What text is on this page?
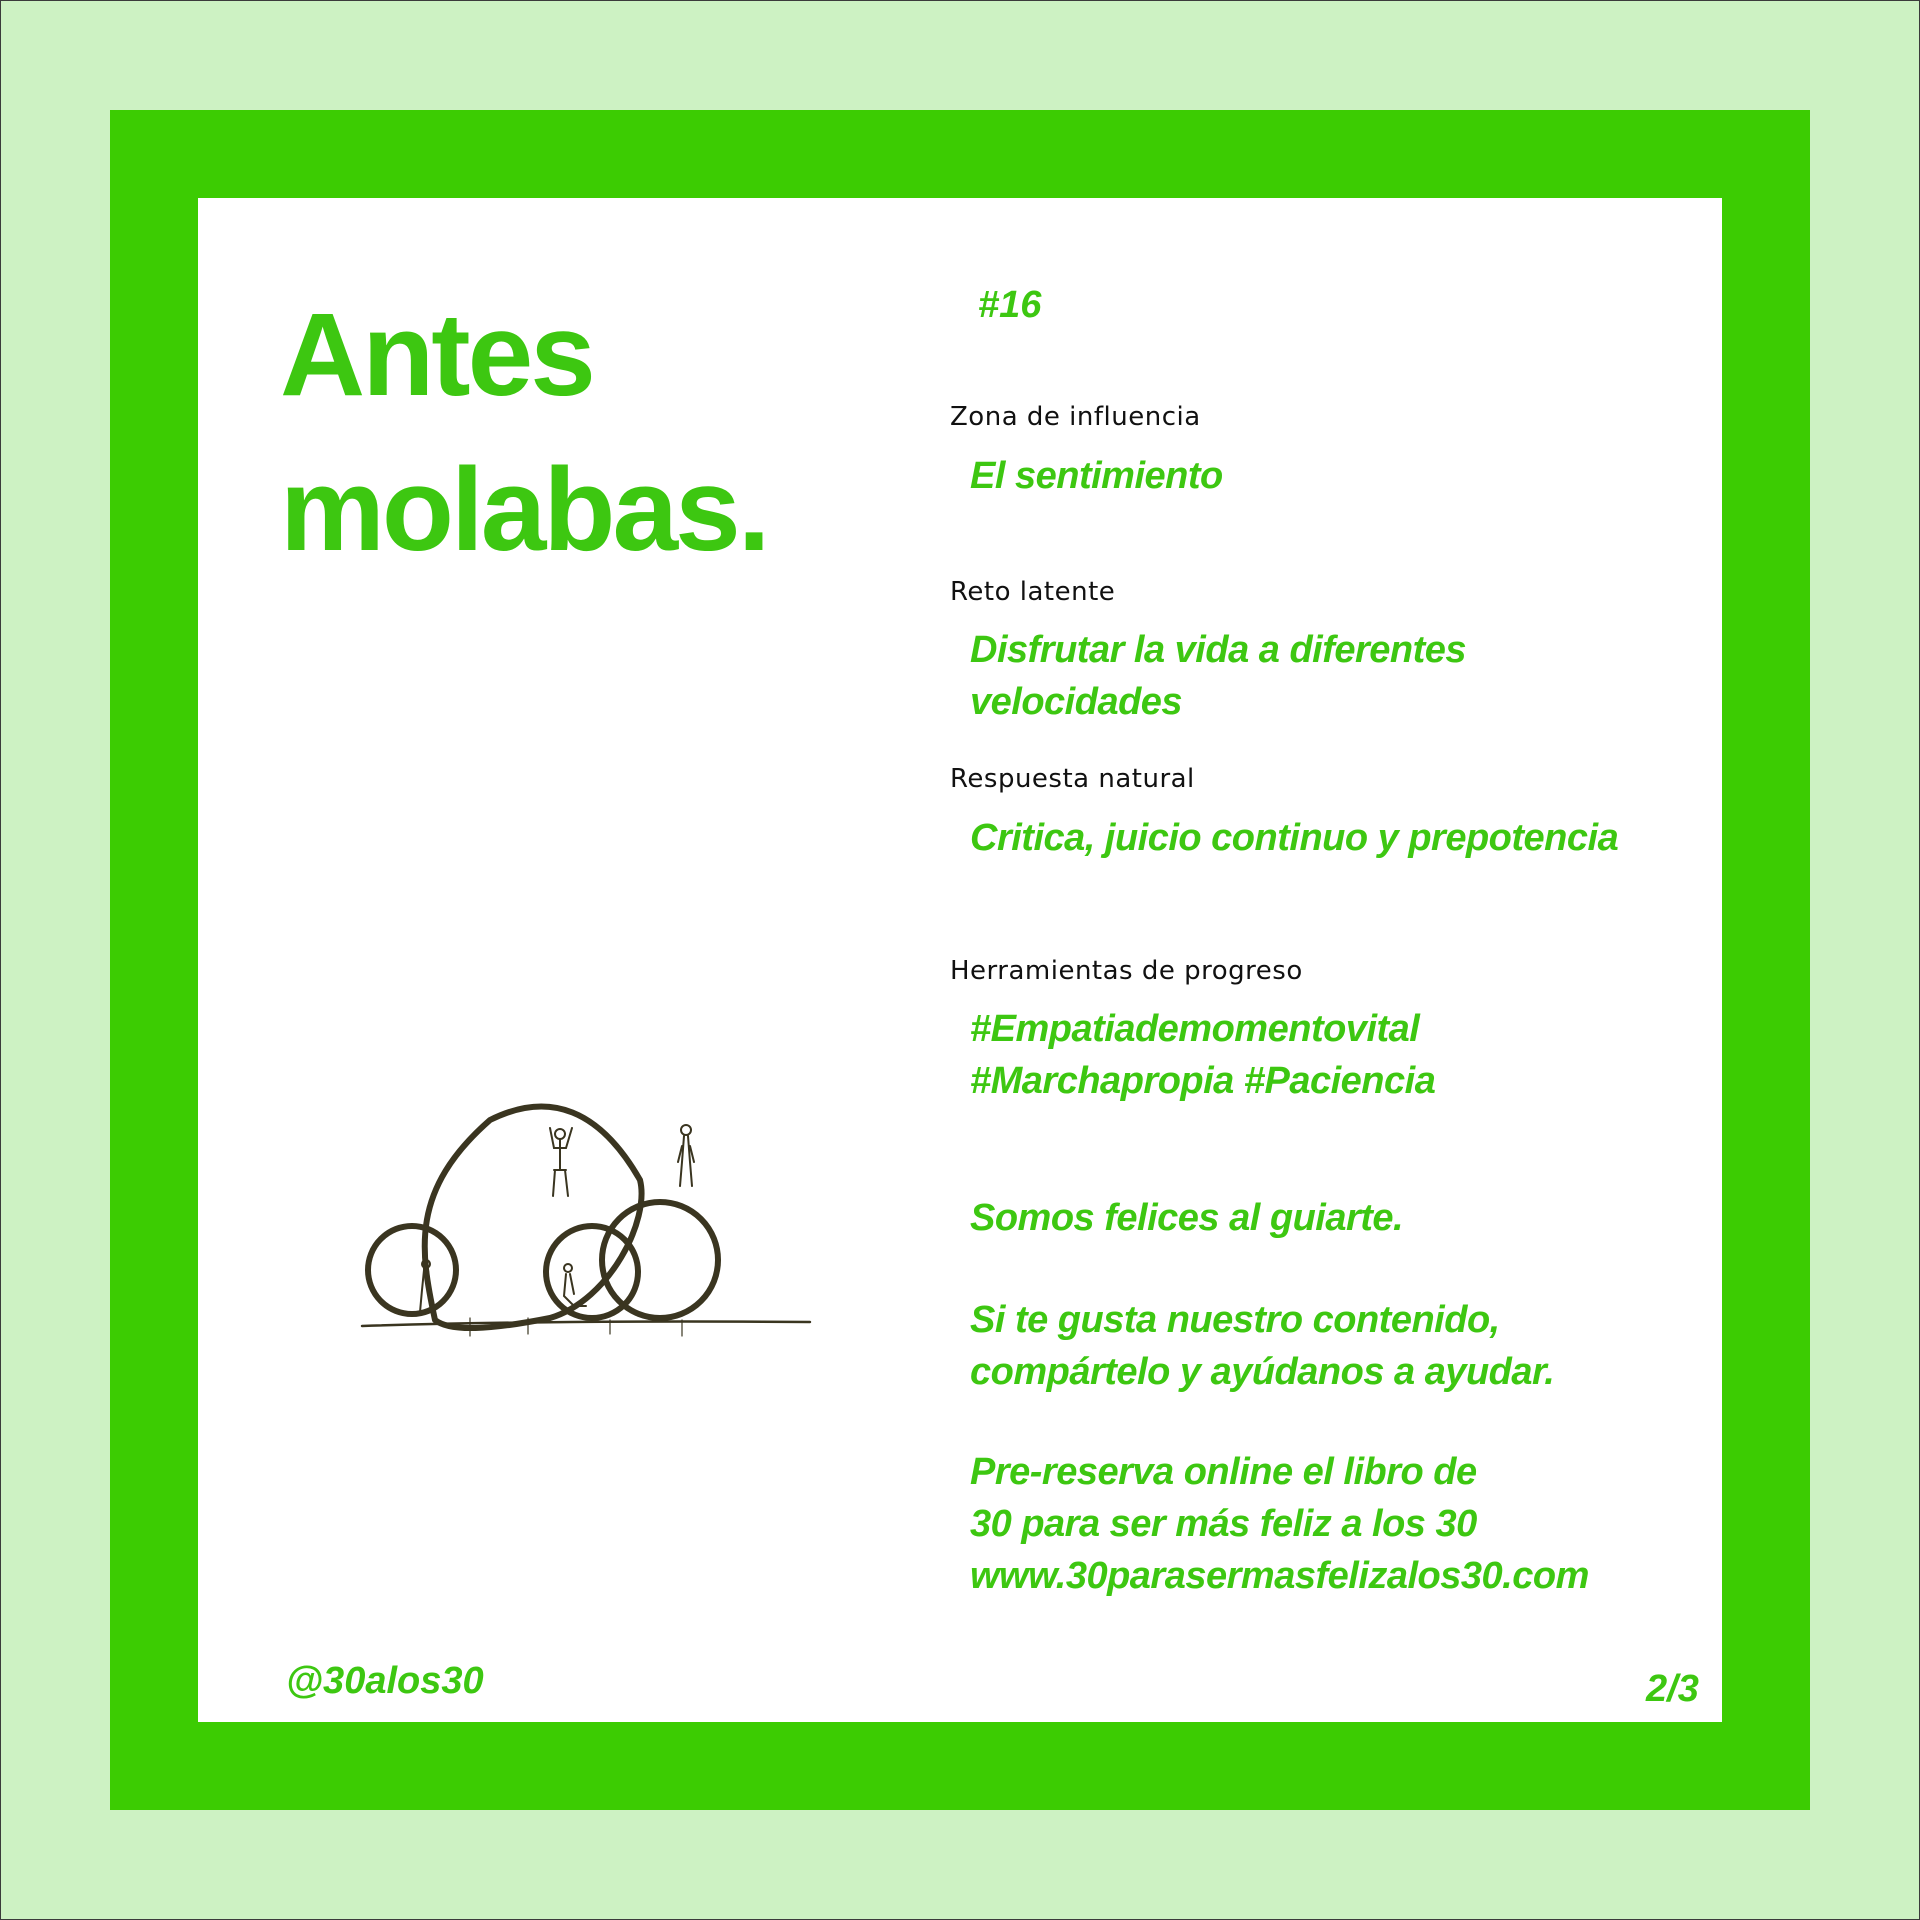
Antes
molabas.
#16
Zona de influencia
El sentimiento
Reto latente
Disfrutar la vida a diferentes
velocidades
Respuesta natural
Critica, juicio continuo y prepotencia
Herramientas de progreso
#Empatiademomentovital
#Marchapropia #Paciencia
Somos felices al guiarte.
Si te gusta nuestro contenido,
compártelo y ayúdanos a ayudar.
Pre-reserva online el libro de
30 para ser más feliz a los 30
www.30parasermasfelizalos30.com
@30alos30	2/3
